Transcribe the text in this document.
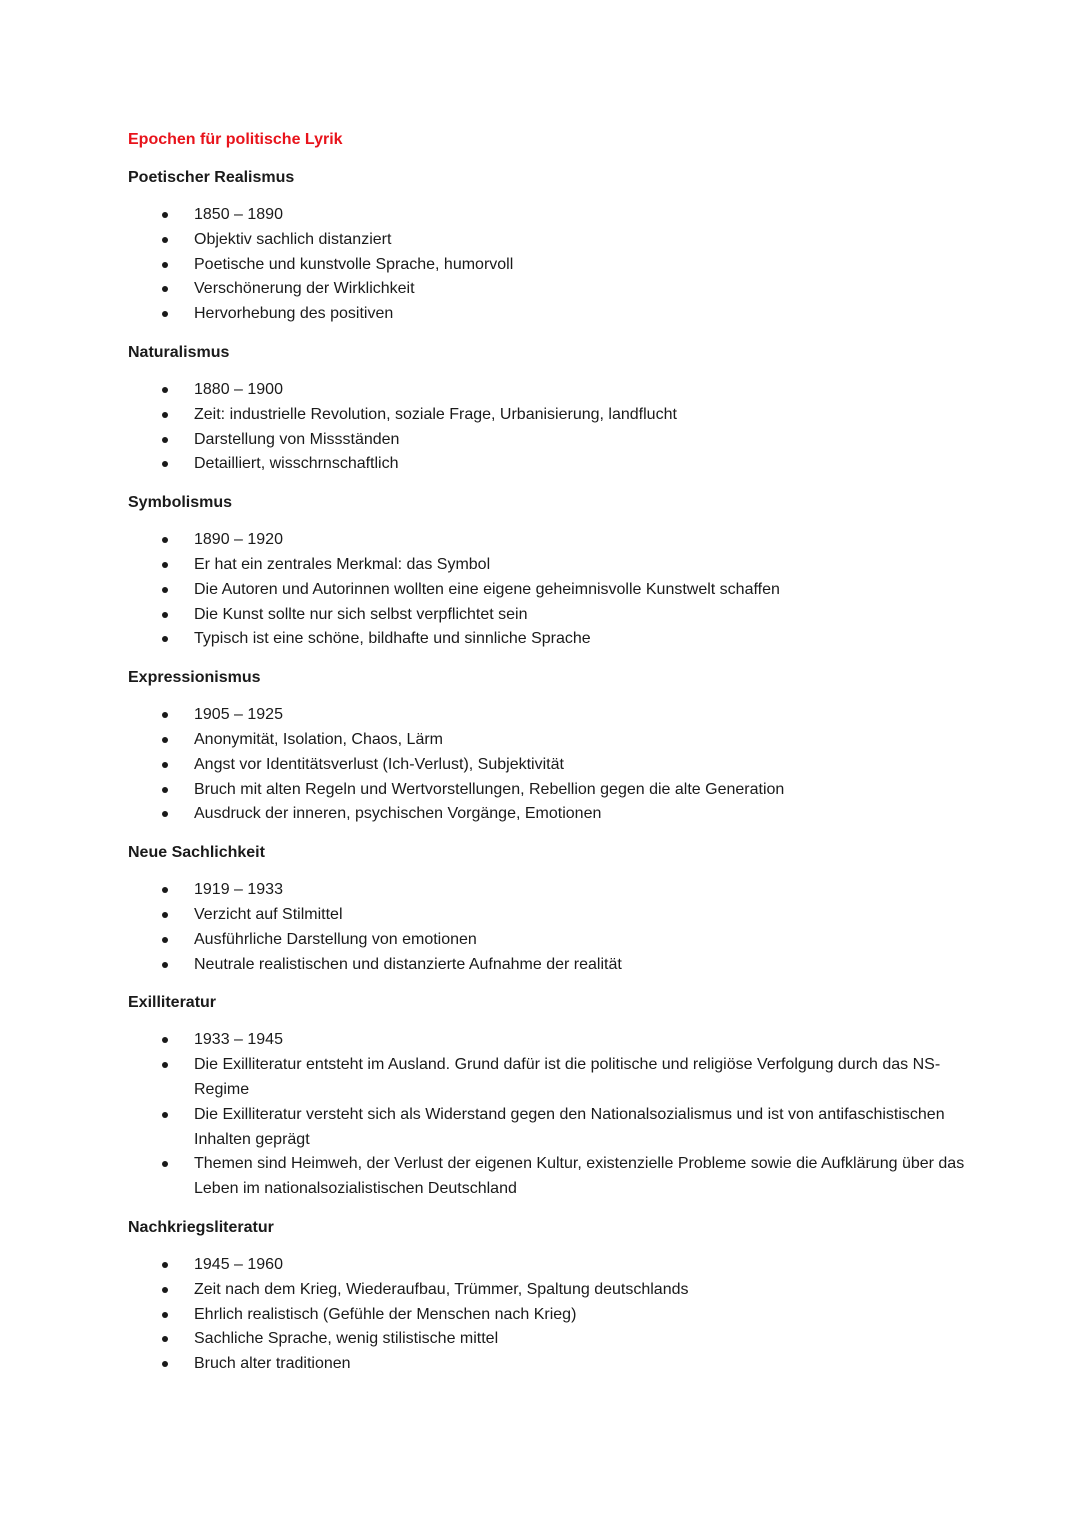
Epochen für politische Lyrik
Poetischer Realismus
1850 – 1890
Objektiv sachlich distanziert
Poetische und kunstvolle Sprache, humorvoll
Verschönerung der Wirklichkeit
Hervorhebung des positiven
Naturalismus
1880 – 1900
Zeit: industrielle Revolution, soziale Frage, Urbanisierung, landflucht
Darstellung von Missständen
Detailliert, wisschrnschaftlich
Symbolismus
1890 – 1920
Er hat ein zentrales Merkmal: das Symbol
Die Autoren und Autorinnen wollten eine eigene geheimnisvolle Kunstwelt schaffen
Die Kunst sollte nur sich selbst verpflichtet sein
Typisch ist eine schöne, bildhafte und sinnliche Sprache
Expressionismus
1905 – 1925
Anonymität, Isolation, Chaos, Lärm
Angst vor Identitätsverlust (Ich-Verlust), Subjektivität
Bruch mit alten Regeln und Wertvorstellungen, Rebellion gegen die alte Generation
Ausdruck der inneren, psychischen Vorgänge, Emotionen
Neue Sachlichkeit
1919 – 1933
Verzicht auf Stilmittel
Ausführliche Darstellung von emotionen
Neutrale realistischen und distanzierte Aufnahme der realität
Exilliteratur
1933 – 1945
Die Exilliteratur entsteht im Ausland. Grund dafür ist die politische und religiöse Verfolgung durch das NS-Regime
Die Exilliteratur versteht sich als Widerstand gegen den Nationalsozialismus und ist von antifaschistischen Inhalten geprägt
Themen sind Heimweh, der Verlust der eigenen Kultur, existenzielle Probleme sowie die Aufklärung über das Leben im nationalsozialistischen Deutschland
Nachkriegsliteratur
1945 – 1960
Zeit nach dem Krieg, Wiederaufbau, Trümmer, Spaltung deutschlands
Ehrlich realistisch (Gefühle der Menschen nach Krieg)
Sachliche Sprache, wenig stilistische mittel
Bruch alter traditionen
